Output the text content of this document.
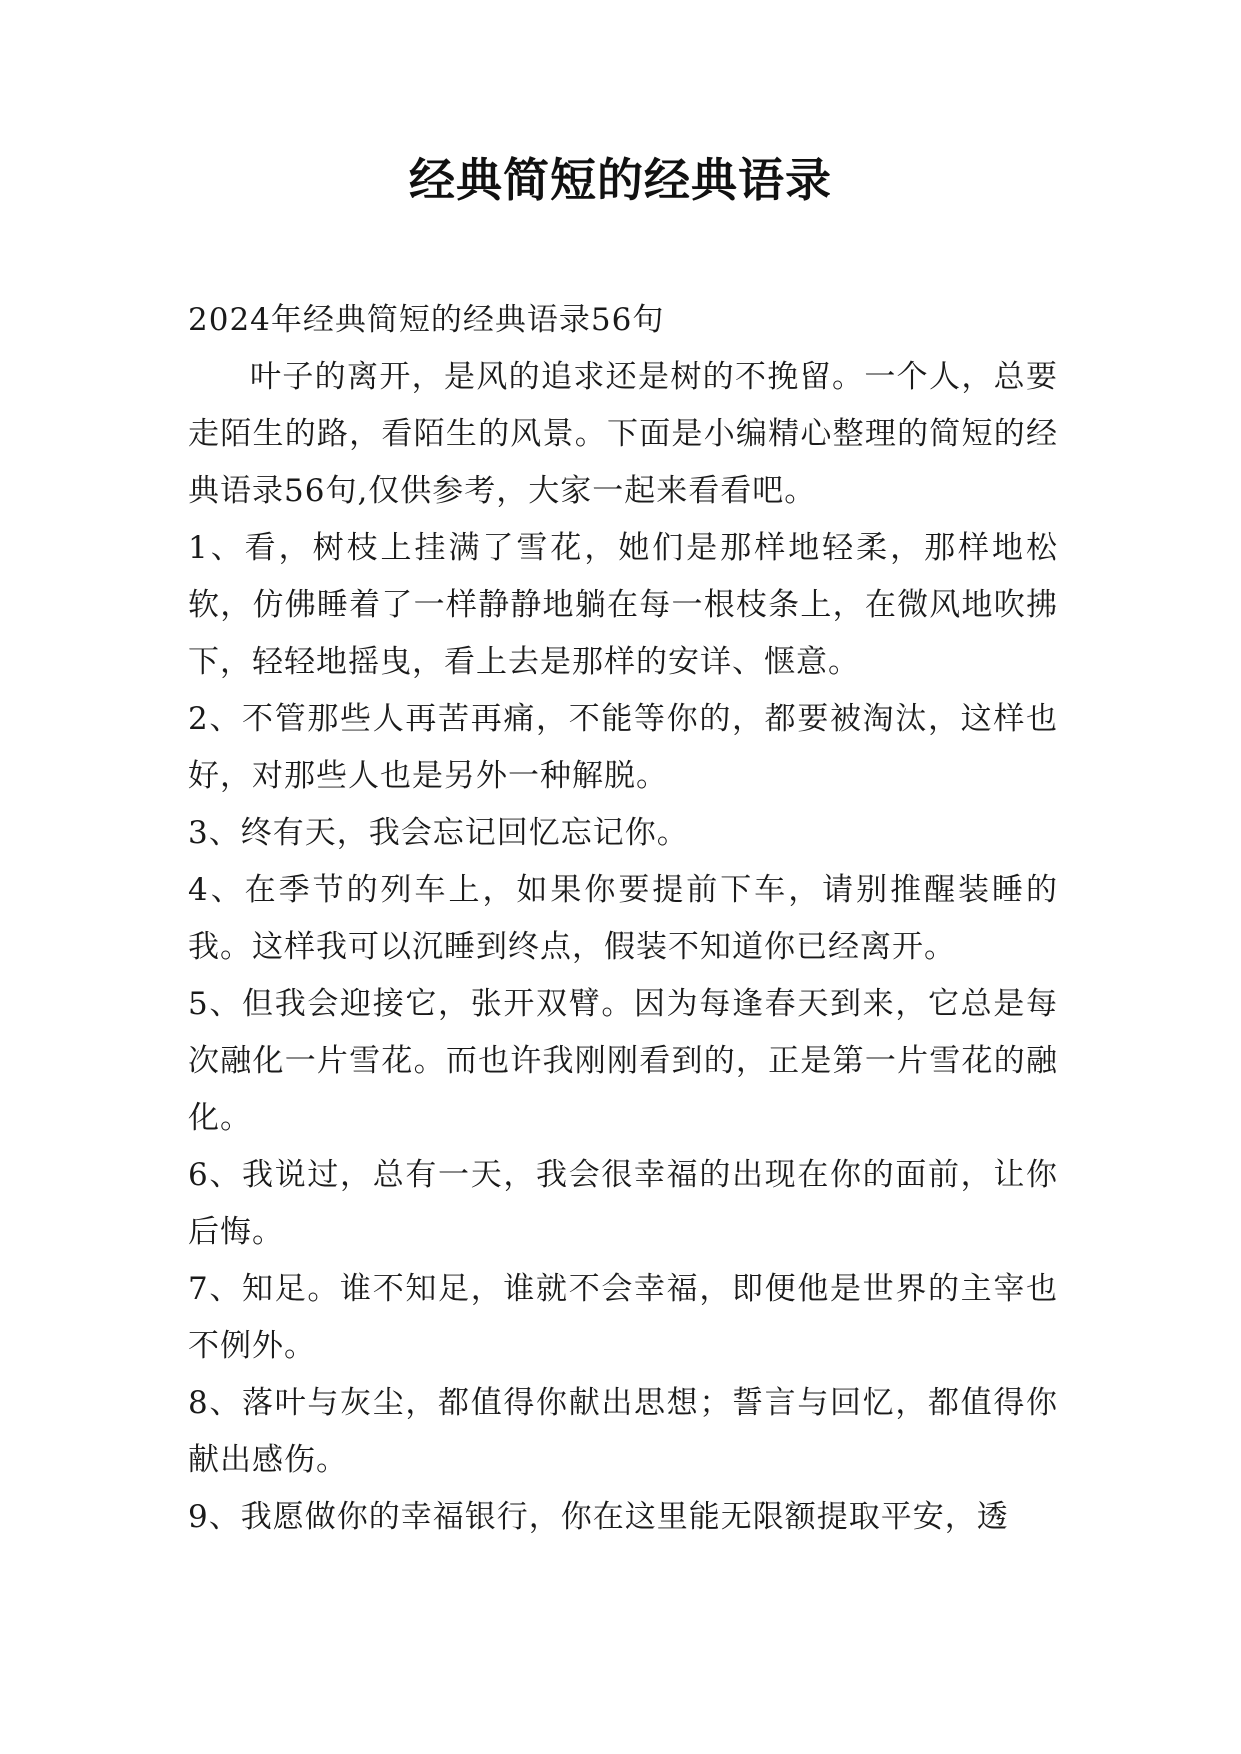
经典简短的经典语录

2024年经典简短的经典语录56句

叶子的离开，是风的追求还是树的不挽留。一个人，总要走陌生的路，看陌生的风景。下面是小编精心整理的简短的经典语录56句,仅供参考，大家一起来看看吧。

1、看，树枝上挂满了雪花，她们是那样地轻柔，那样地松软，仿佛睡着了一样静静地躺在每一根枝条上，在微风地吹拂下，轻轻地摇曳，看上去是那样的安详、惬意。

2、不管那些人再苦再痛，不能等你的，都要被淘汰，这样也好，对那些人也是另外一种解脱。

3、终有天，我会忘记回忆忘记你。

4、在季节的列车上，如果你要提前下车，请别推醒装睡的我。这样我可以沉睡到终点，假装不知道你已经离开。

5、但我会迎接它，张开双臂。因为每逢春天到来，它总是每次融化一片雪花。而也许我刚刚看到的，正是第一片雪花的融化。

6、我说过，总有一天，我会很幸福的出现在你的面前，让你后悔。

7、知足。谁不知足，谁就不会幸福，即便他是世界的主宰也不例外。

8、落叶与灰尘，都值得你献出思想；誓言与回忆，都值得你献出感伤。

9、我愿做你的幸福银行，你在这里能无限额提取平安，透
